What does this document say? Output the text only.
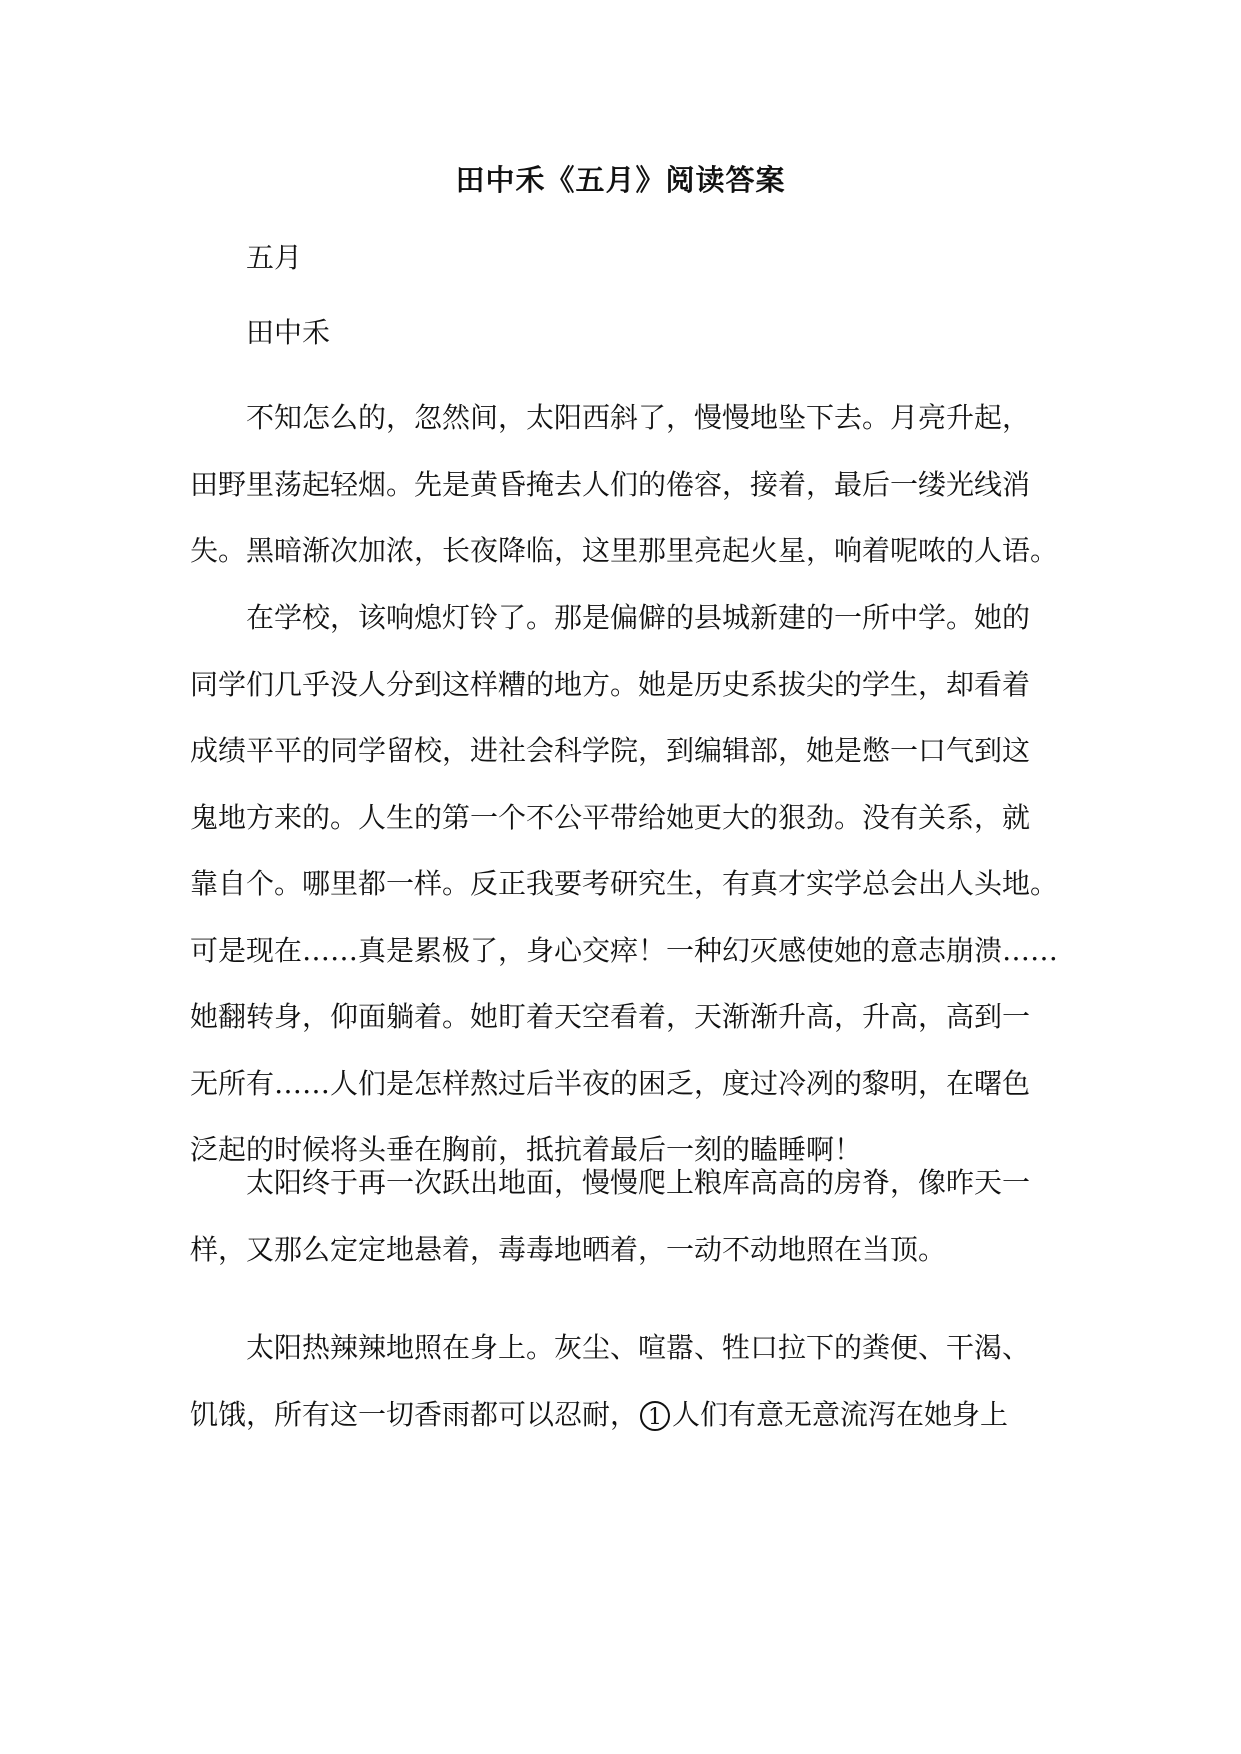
田中禾《五月》阅读答案
五月
田中禾
不知怎么的，忽然间，太阳西斜了，慢慢地坠下去。月亮升起，
田野里荡起轻烟。先是黄昏掩去人们的倦容，接着，最后一缕光线消
失。黑暗渐次加浓，长夜降临，这里那里亮起火星，响着呢哝的人语。
在学校，该响熄灯铃了。那是偏僻的县城新建的一所中学。她的
同学们几乎没人分到这样糟的地方。她是历史系拔尖的学生，却看着
成绩平平的同学留校，进社会科学院，到编辑部，她是憋一口气到这
鬼地方来的。人生的第一个不公平带给她更大的狠劲。没有关系，就
靠自个。哪里都一样。反正我要考研究生，有真才实学总会出人头地。
可是现在……真是累极了，身心交瘁！一种幻灭感使她的意志崩溃……
她翻转身，仰面躺着。她盯着天空看着，天渐渐升高，升高，高到一
无所有……人们是怎样熬过后半夜的困乏，度过冷冽的黎明，在曙色
泛起的时候将头垂在胸前，抵抗着最后一刻的瞌睡啊！
太阳终于再一次跃出地面，慢慢爬上粮库高高的房脊，像昨天一
样，又那么定定地悬着，毒毒地晒着，一动不动地照在当顶。
太阳热辣辣地照在身上。灰尘、喧嚣、牲口拉下的粪便、干渴、
饥饿，所有这一切香雨都可以忍耐， 1 人们有意无意流泻在她身上
